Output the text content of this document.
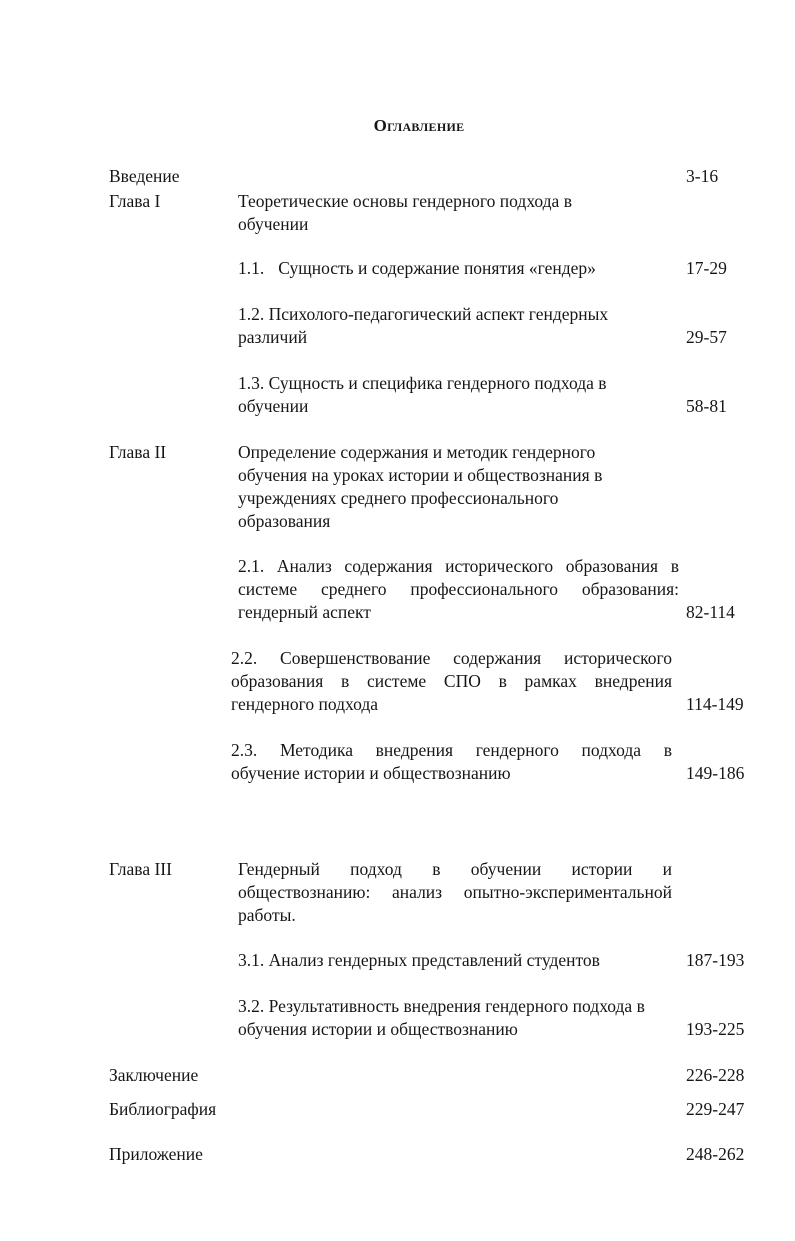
Оглавление
Введение	3-16
Глава I	Теоретические основы гендерного подхода в
обучении
1.1. Сущность и содержание понятия «гендер»	17-29
1.2. Психолого-педагогический аспект гендерных
различий	29-57
1.3. Сущность и специфика гендерного подхода в
обучении	58-81
Глава II	Определение содержания и методик гендерного
обучения на уроках истории и обществознания в
учреждениях среднего профессионального
образования
2.1. Анализ содержания исторического образования в
системе среднего профессионального образования:
гендерный аспект	82-114
2.2. Совершенствование содержания исторического
образования в системе СПО в рамках внедрения
гендерного подхода	114-149
2.3. Методика внедрения гендерного подхода в
обучение истории и обществознанию	149-186
Глава III	Гендерный подход в обучении истории и
обществознанию: анализ опытно-экспериментальной
работы.
3.1. Анализ гендерных представлений студентов	187-193
3.2. Результативность внедрения гендерного подхода в
обучения истории и обществознанию	193-225
Заключение	226-228
Библиография	229-247
Приложение	248-262
